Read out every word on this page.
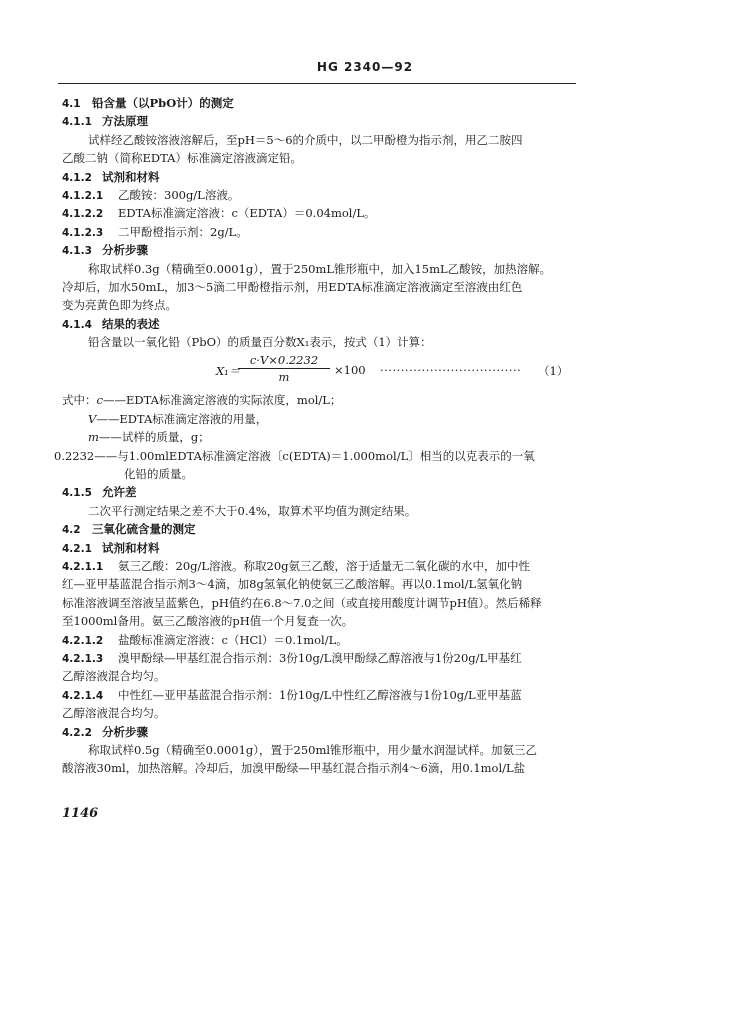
HG 2340—92
4.1 铅含量（以PbO计）的测定
4.1.1 方法原理
试样经乙酸铵溶液溶解后，至pH＝5～6的介质中，以二甲酚橙为指示剂，用乙二胺四
乙酸二钠（简称EDTA）标准滴定溶液滴定铅。
4.1.2 试剂和材料
4.1.2.1 乙酸铵：300g/L溶液。
4.1.2.2 EDTA标准滴定溶液：c（EDTA）＝0.04mol/L。
4.1.2.3 二甲酚橙指示剂：2g/L。
4.1.3 分析步骤
称取试样0.3g（精确至0.0001g），置于250mL锥形瓶中，加入15mL乙酸铵，加热溶解。
冷却后，加水50mL，加3～5滴二甲酚橙指示剂，用EDTA标准滴定溶液滴定至溶液由红色
变为亮黄色即为终点。
4.1.4 结果的表述
铅含量以一氧化铅（PbO）的质量百分数X₁表示，按式（1）计算：
X₁＝
$\frac{c\cdot V\times 0.2232}{m} \times 100$ ·································· （1）
式中：c——EDTA标准滴定溶液的实际浓度，mol/L；
V——EDTA标准滴定溶液的用量，
m——试样的质量，g；
0.2232——与1.00mlEDTA标准滴定溶液〔c(EDTA)＝1.000mol/L〕相当的以克表示的一氧
化铅的质量。
4.1.5 允许差
二次平行测定结果之差不大于0.4%，取算术平均值为测定结果。
4.2 三氧化硫含量的测定
4.2.1 试剂和材料
4.2.1.1 氨三乙酸：20g/L溶液。称取20g氨三乙酸，溶于适量无二氧化碳的水中，加中性
红—亚甲基蓝混合指示剂3～4滴，加8g氢氧化钠使氨三乙酸溶解。再以0.1mol/L氢氧化钠
标准溶液调至溶液呈蓝紫色，pH值约在6.8～7.0之间（或直接用酸度计调节pH值）。然后稀释
至1000ml备用。氨三乙酸溶液的pH值一个月复查一次。
4.2.1.2 盐酸标准滴定溶液：c（HCl）＝0.1mol/L。
4.2.1.3 溴甲酚绿—甲基红混合指示剂：3份10g/L溴甲酚绿乙醇溶液与1份20g/L甲基红
乙醇溶液混合均匀。
4.2.1.4 中性红—亚甲基蓝混合指示剂：1份10g/L中性红乙醇溶液与1份10g/L亚甲基蓝
乙醇溶液混合均匀。
4.2.2 分析步骤
称取试样0.5g（精确至0.0001g），置于250ml锥形瓶中，用少量水润湿试样。加氨三乙
酸溶液30ml，加热溶解。冷却后，加溴甲酚绿—甲基红混合指示剂4～6滴，用0.1mol/L盐
1146
